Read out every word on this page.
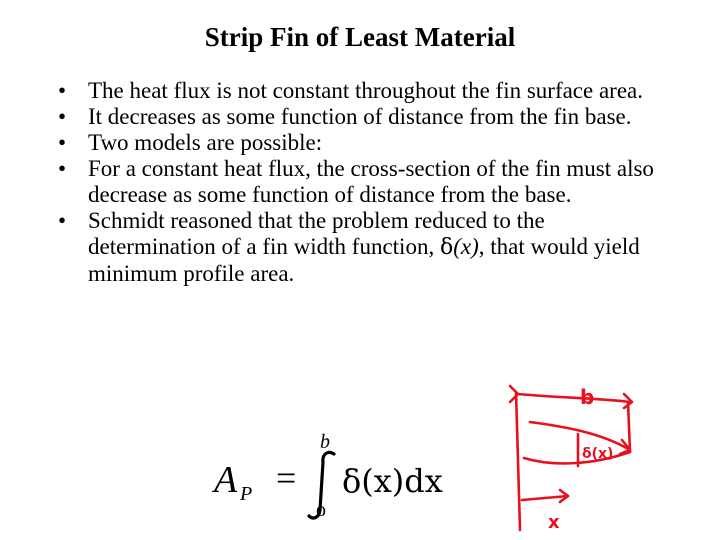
Strip Fin of Least Material
• The heat flux is not constant throughout the fin surface area.
• It decreases as some function of distance from the fin base.
• Two models are possible:
• For a constant heat flux, the cross-section of the fin must also decrease as some function of distance from the base.
• Schmidt reasoned that the problem reduced to the determination of a fin width function, δ(x), that would yield minimum profile area.
A P =
b
o
δ(x)dx
b
δ(x)
x
